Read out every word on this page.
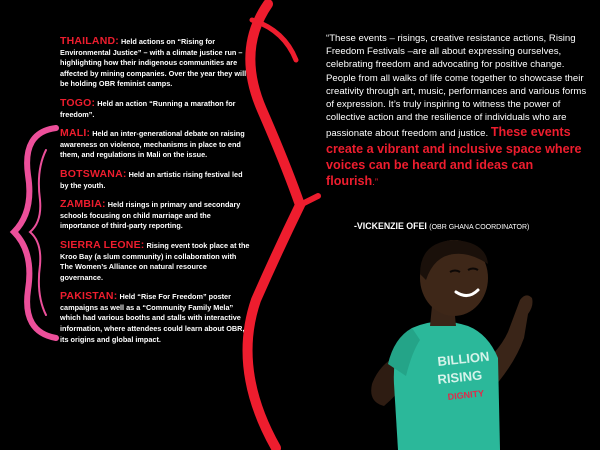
THAILAND: Held actions on “Rising for Environmental Justice” – with a climate justice run – highlighting how their indigenous communities are affected by mining companies. Over the year they will be holding OBR feminist camps.
TOGO: Held an action “Running a marathon for freedom”.
MALI: Held an inter-generational debate on raising awareness on violence, mechanisms in place to end them, and regulations in Mali on the issue.
BOTSWANA: Held an artistic rising festival led by the youth.
ZAMBIA: Held risings in primary and secondary schools focusing on child marriage and the importance of third-party reporting.
SIERRA LEONE: Rising event took place at the Kroo Bay (a slum community) in collaboration with The Women’s Alliance on natural resource governance.
PAKISTAN: Held “Rise For Freedom” poster campaigns as well as a “Community Family Mela” which had various booths and stalls with interactive information, where attendees could learn about OBR, its origins and global impact.
“These events – risings, creative resistance actions, Rising Freedom Festivals –are all about expressing ourselves, celebrating freedom and advocating for positive change. People from all walks of life come together to showcase their creativity through art, music, performances and various forms of expression. It’s truly inspiring to witness the power of collective action and the resilience of individuals who are passionate about freedom and justice. These events create a vibrant and inclusive space where voices can be heard and ideas can flourish.”
-VICKENZIE OFEI (OBR GHANA COORDINATOR)
BILLION
RISING
DIGNITY
